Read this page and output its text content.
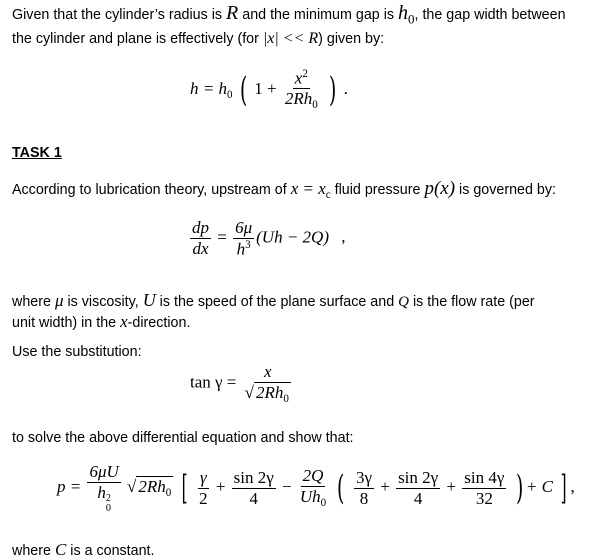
Given that the cylinder’s radius is R and the minimum gap is $h_0$, the gap width between
the cylinder and plane is effectively (for |x| << R) given by:
$h = h_0$ ( $1 + \frac{x^2}{2Rh_0}$ ) .
TASK 1
According to lubrication theory, upstream of $x = x_c$ fluid pressure p(x) is governed by:
$\frac{dp}{dx} = \frac{6\mu}{h^3} (Uh - 2Q)$ ,
where μ is viscosity, U is the speed of the plane surface and Q is the flow rate (per
unit width) in the x-direction.
Use the substitution:
$\tan \gamma = \frac{x}{√ 2Rh_0}$
to solve the above differential equation and show that:
p = 6μU
h 2
0 √ $2Rh_0$ [ $\frac{\gamma}{2} + \frac{\sin 2\gamma}{4} - \frac{2Q}{Uh_0}$ ( $\frac{3\gamma}{8} + \frac{\sin 2\gamma}{4} + \frac{\sin 4\gamma}{32}$ ) + C ] ,
where C is a constant.
